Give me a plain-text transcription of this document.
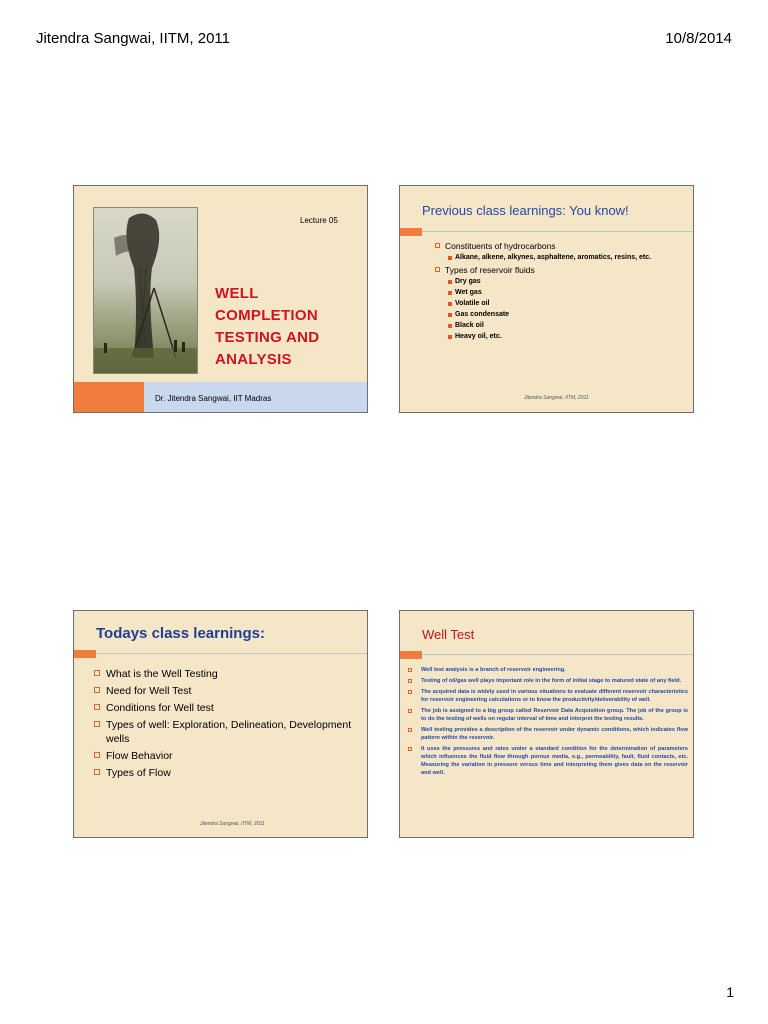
Jitendra Sangwai, IITM, 2011	10/8/2014
Lecture 05
WELL
COMPLETION
TESTING AND
ANALYSIS
Dr. Jitendra Sangwai, IIT Madras
Previous class learnings: You know!
Constituents of hydrocarbons
Alkane, alkene, alkynes, asphaltene, aromatics, resins, etc.
Types of reservoir fluids
Dry gas
Wet gas
Volatile oil
Gas condensate
Black oil
Heavy oil, etc.
Jitendra Sangwai, IITM, 2011
Todays class learnings:
What is the Well Testing
Need for Well Test
Conditions for Well test
Types of well: Exploration, Delineation, Development wells
Flow Behavior
Types of Flow
Jitendra Sangwai, IITM, 2011
Well Test
Well test analysis is a branch of reservoir engineering.
Testing of oil/gas well plays important role in the form of initial stage to matured state of any field.
The acquired data is widely used in various situations to evaluate different reservoir characteristics for reservoir engineering calculations or to know the productivity/deliverability of well.
The job is assigned to a big group called Reservoir Data Acquisition group. The job of the group is to do the testing of wells on regular interval of time and interpret the testing results.
Well testing provides a description of the reservoir under dynamic conditions, which indicates flow pattern within the reservoir.
It uses the pressures and rates under a standard condition for the determination of parameters which influences the fluid flow through porous media, e.g., permeability, fault, fluid contacts, etc. Measuring the variation in pressure versus time and interpreting them gives data on the reservoir and well.
1
